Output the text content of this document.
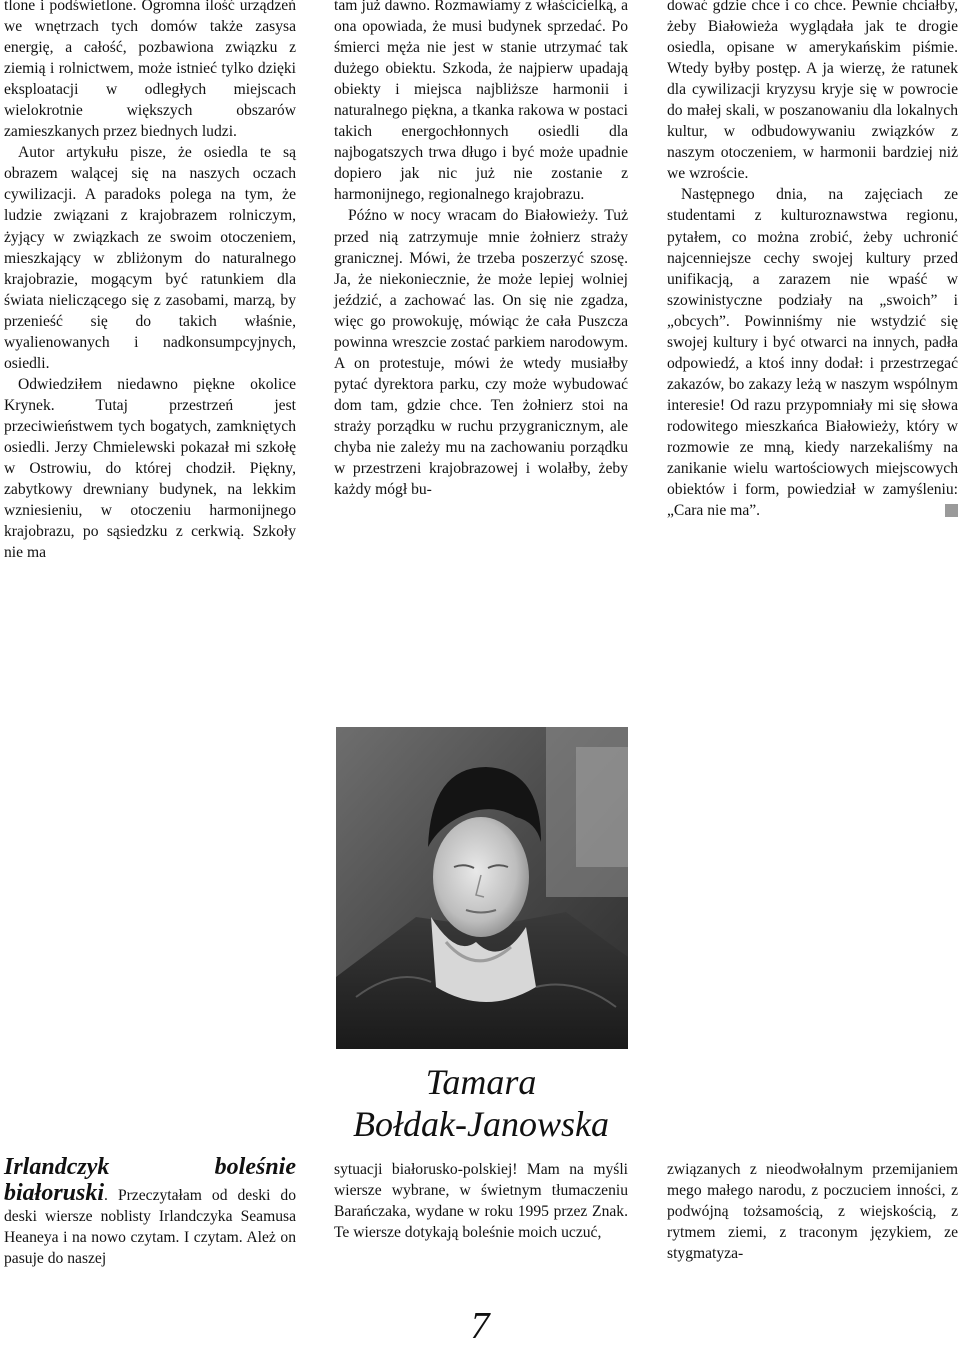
tlone i podświetlone. Ogromna ilość urządzeń we wnętrzach tych domów także zasysa energię, a całość, pozbawiona związku z ziemią i rolnictwem, może istnieć tylko dzięki eksploatacji w odległych miejscach wielokrotnie większych obszarów zamieszkanych przez biednych ludzi.

Autor artykułu pisze, że osiedla te są obrazem walącej się na naszych oczach cywilizacji. A paradoks polega na tym, że ludzie związani z krajobrazem rolniczym, żyjący w związkach ze swoim otoczeniem, mieszkający w zbliżonym do naturalnego krajobrazie, mogącym być ratunkiem dla świata nieliczącego się z zasobami, marzą, by przenieść się do takich właśnie, wyalienowanych i nadkonsumpcyjnych, osiedli.

Odwiedziłem niedawno piękne okolice Krynek. Tutaj przestrzeń jest przeciwieństwem tych bogatych, zamkniętych osiedli. Jerzy Chmielewski pokazał mi szkołę w Ostrowiu, do której chodził. Piękny, zabytkowy drewniany budynek, na lekkim wzniesieniu, w otoczeniu harmonijnego krajobrazu, po sąsiedzku z cerkwią. Szkoły nie ma

tam już dawno. Rozmawiamy z właścicielką, a ona opowiada, że musi budynek sprzedać. Po śmierci męża nie jest w stanie utrzymać tak dużego obiektu. Szkoda, że najpierw upadają obiekty i miejsca najbliższe harmonii i naturalnego piękna, a tkanka rakowa w postaci takich energochłonnych osiedli dla najbogatszych trwa długo i być może upadnie dopiero jak nic już nie zostanie z harmonijnego, regionalnego krajobrazu.

Późno w nocy wracam do Białowieży. Tuż przed nią zatrzymuje mnie żołnierz straży granicznej. Mówi, że trzeba poszerzyć szosę. Ja, że niekoniecznie, że może lepiej wolniej jeździć, a zachować las. On się nie zgadza, więc go prowokuję, mówiąc że cała Puszcza powinna wreszcie zostać parkiem narodowym. A on protestuje, mówi że wtedy musiałby pytać dyrektora parku, czy może wybudować dom tam, gdzie chce. Ten żołnierz stoi na straży porządku w ruchu przygranicznym, ale chyba nie zależy mu na zachowaniu porządku w przestrzeni krajobrazowej i wolałby, żeby każdy mógł bu-

dować gdzie chce i co chce. Pewnie chciałby, żeby Białowieża wyglądała jak te drogie osiedla, opisane w amerykańskim piśmie. Wtedy byłby postęp. A ja wierzę, że ratunek dla cywilizacji kryzysu kryje się w powrocie do małej skali, w poszanowaniu dla lokalnych kultur, w odbudowywaniu związków z naszym otoczeniem, w harmonii bardziej niż we wzroście.

Następnego dnia, na zajęciach ze studentami z kulturoznawstwa regionu, pytałem, co można zrobić, żeby uchronić najcenniejsze cechy swojej kultury przed unifikacją, a zarazem nie wpaść w szowinistyczne podziały na „swoich” i „obcych”. Powinniśmy nie wstydzić się swojej kultury i być otwarci na innych, padła odpowiedź, a ktoś inny dodał: i przestrzegać zakazów, bo zakazy leżą w naszym wspólnym interesie! Od razu przypomniały mi się słowa rodowitego mieszkańca Białowieży, który w rozmowie ze mną, kiedy narzekaliśmy na zanikanie wielu wartościowych miejscowych obiektów i form, powiedział w zamyśleniu: „Cara nie ma”.

Tamara
Bołdak-Janowska

Irlandczyk boleśnie białoruski. Przeczytałam od deski do deski wiersze noblisty Irlandczyka Seamusa Heaneya i na nowo czytam. I czytam. Ależ on pasuje do naszej

sytuacji białorusko-polskiej! Mam na myśli wiersze wybrane, w świetnym tłumaczeniu Barańczaka, wydane w roku 1995 przez Znak. Te wiersze dotykają boleśnie moich uczuć,

związanych z nieodwołalnym przemijaniem mego małego narodu, z poczuciem inności, z podwójną tożsamością, z wiejskością, z rytmem ziemi, z traconym językiem, ze stygmatyza-

7
